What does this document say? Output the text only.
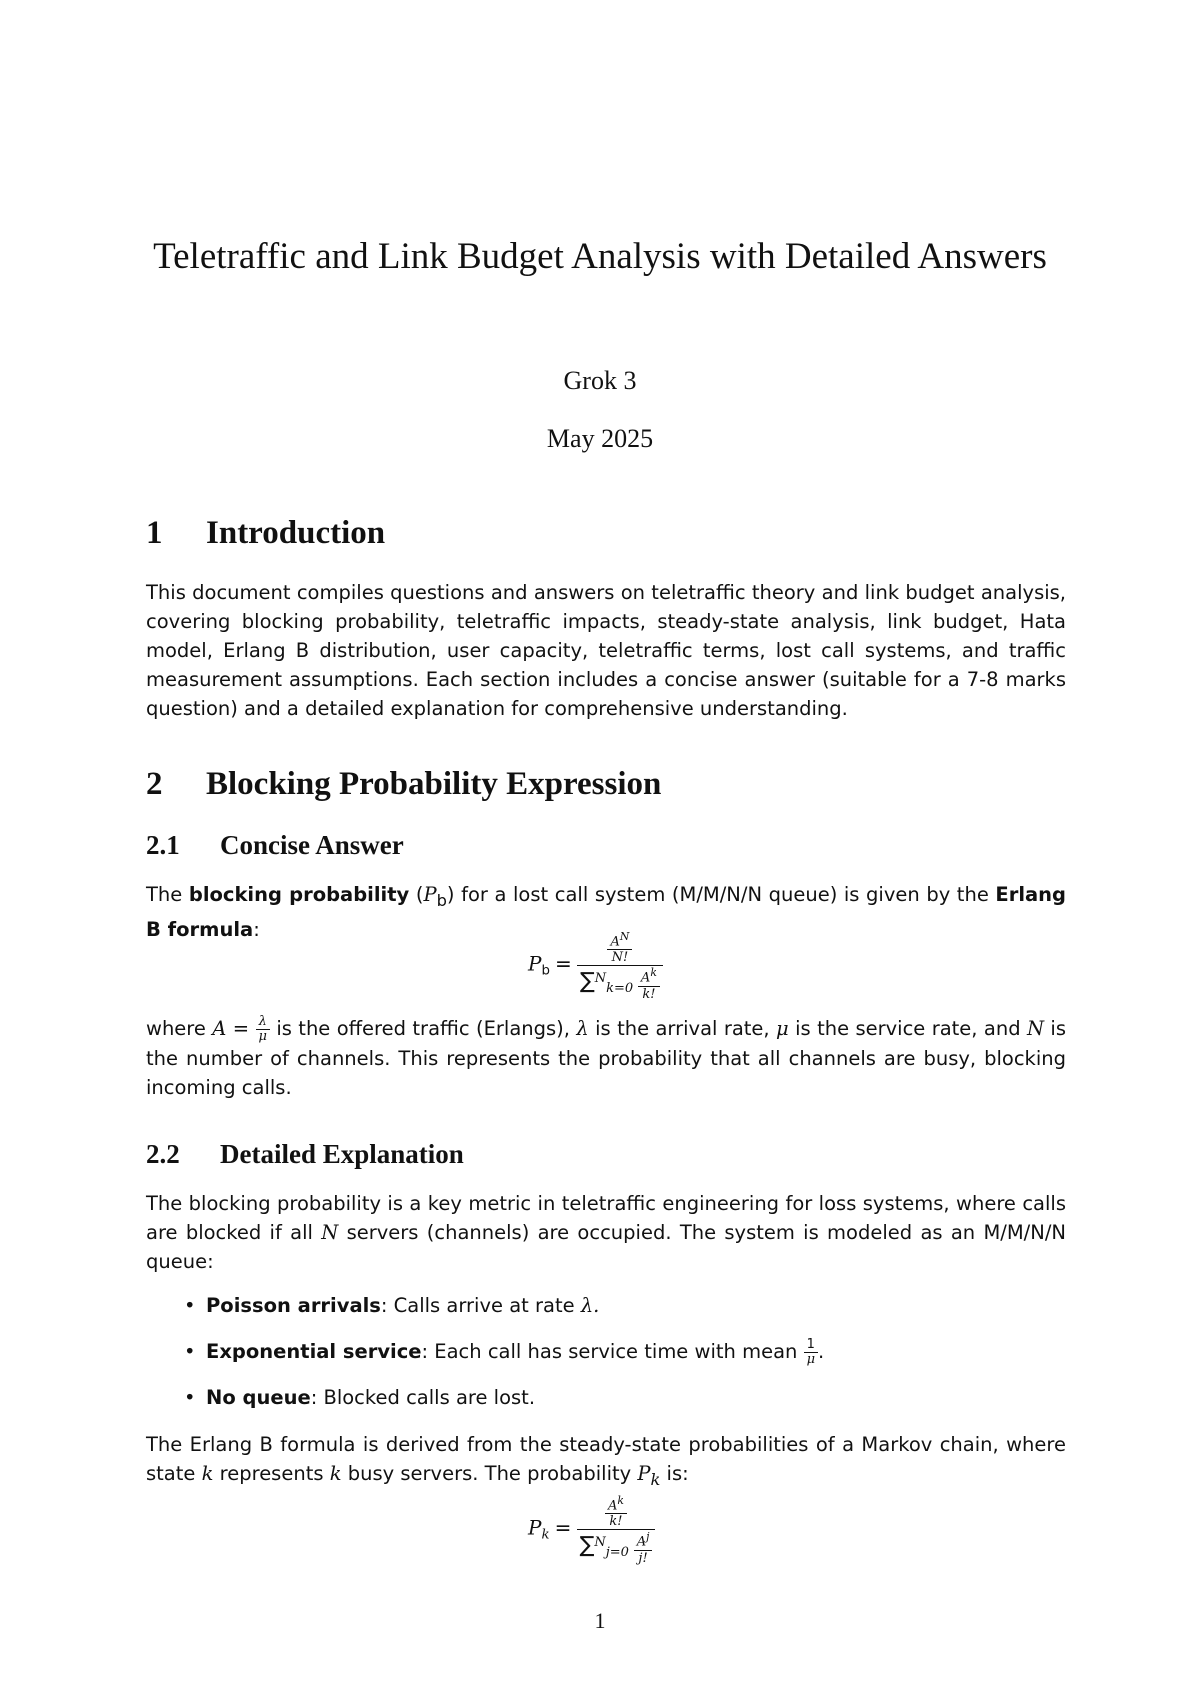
Teletraffic and Link Budget Analysis with Detailed Answers
Grok 3
May 2025
1 Introduction

This document compiles questions and answers on teletraffic theory and link budget analysis, covering blocking probability, teletraffic impacts, steady-state analysis, link budget, Hata model, Erlang B distribution, user capacity, teletraffic terms, lost call systems, and traffic measurement assumptions. Each section includes a concise answer (suitable for a 7-8 marks question) and a detailed explanation for comprehensive understanding.

2 Blocking Probability Expression
2.1 Concise Answer

The blocking probability $(P_b)$ for a lost call system (M/M/N/N queue) is given by the Erlang B formula:

$P_b = \frac{\frac{A^N}{N!}}{\sum^N_{k=0} \frac{A^k}{k!}}$

where $A = \frac{\lambda}{\mu}$ is the offered traffic (Erlangs), λ is the arrival rate, μ is the service rate, and N is the number of channels. This represents the probability that all channels are busy, blocking incoming calls.

2.2 Detailed Explanation

The blocking probability is a key metric in teletraffic engineering for loss systems, where calls are blocked if all N servers (channels) are occupied. The system is modeled as an M/M/N/N queue:

• Poisson arrivals: Calls arrive at rate λ.
• Exponential service: Each call has service time with mean $\frac{1}{\mu}$ .
• No queue: Blocked calls are lost.

The Erlang B formula is derived from the steady-state probabilities of a Markov chain, where state k represents k busy servers. The probability $P_k$ is:

$P_k = \frac{\frac{A^k}{k!}}{\sum^N_{j=0} \frac{A^j}{j!}}$
1
